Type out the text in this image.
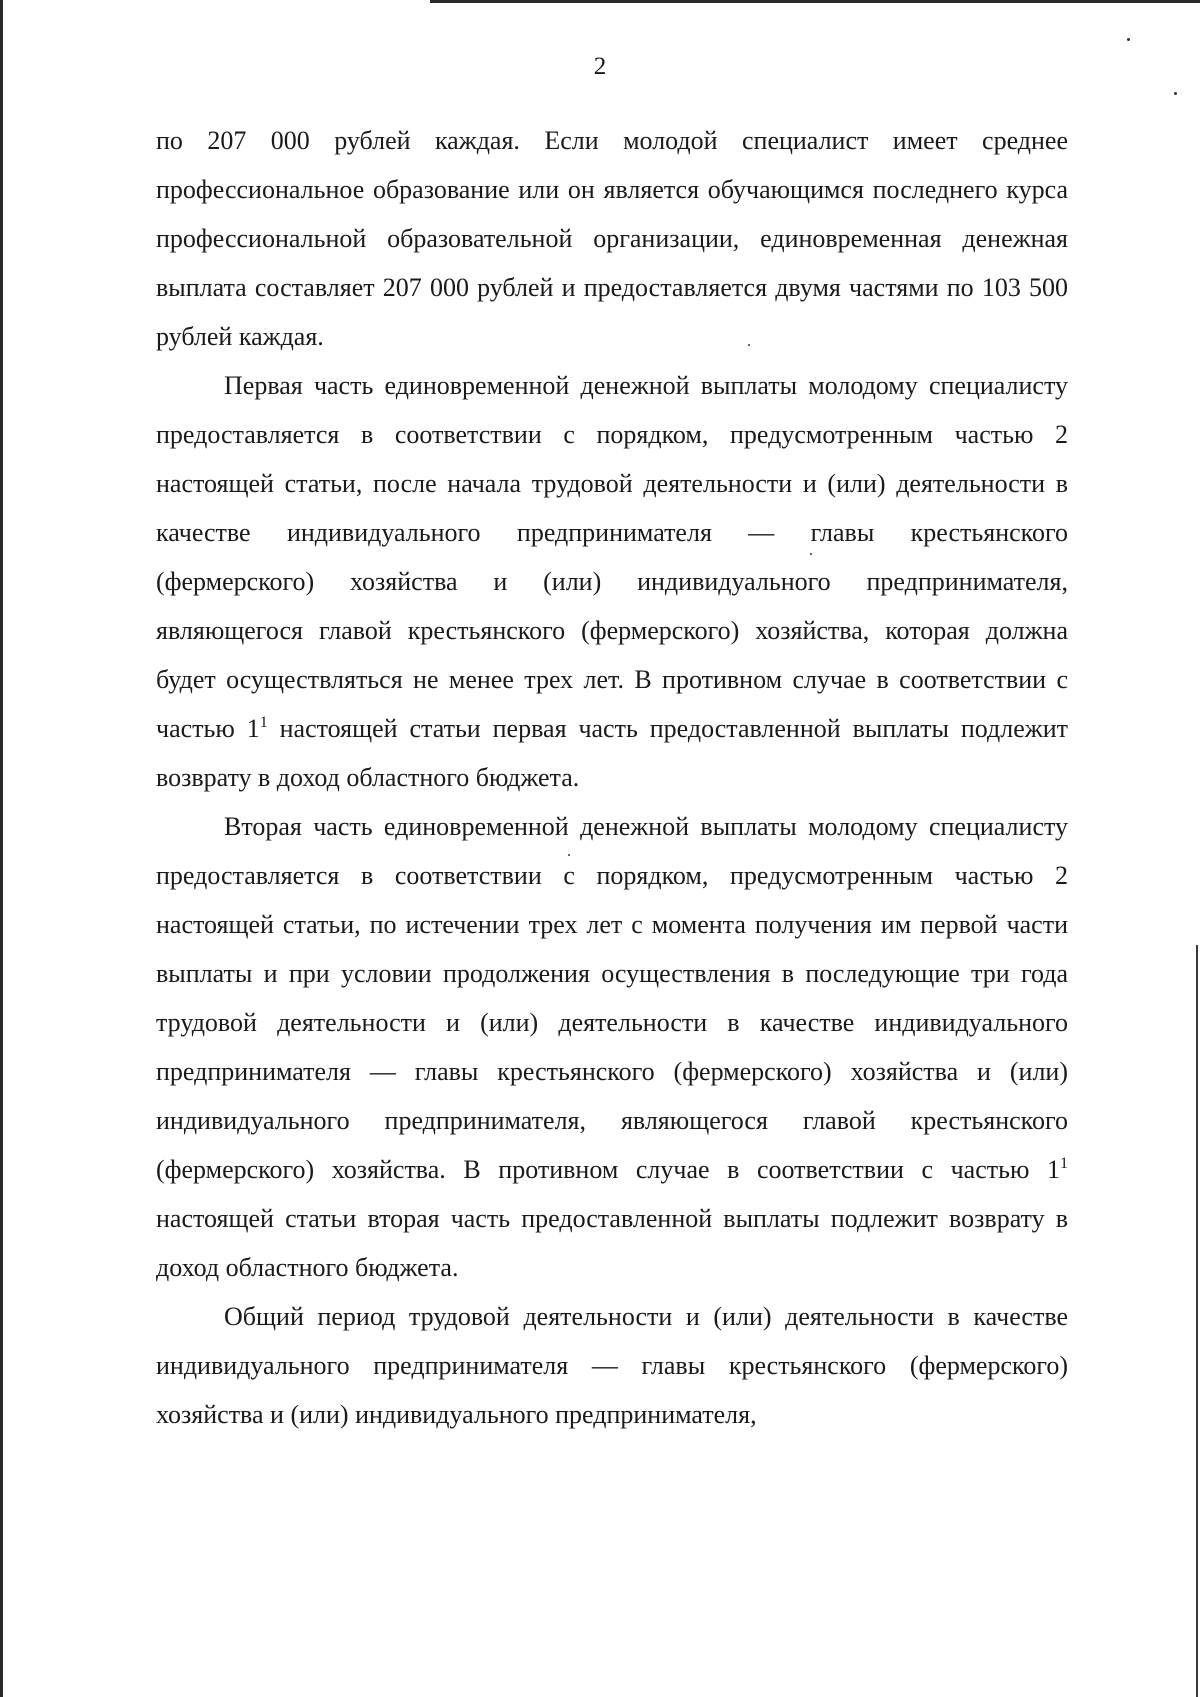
2

по 207 000 рублей каждая. Если молодой специалист имеет среднее профессиональное образование или он является обучающимся последнего курса профессиональной образовательной организации, единовременная денежная выплата составляет 207 000 рублей и предоставляется двумя частями по 103 500 рублей каждая.

Первая часть единовременной денежной выплаты молодому специалисту предоставляется в соответствии с порядком, предусмотренным частью 2 настоящей статьи, после начала трудовой деятельности и (или) деятельности в качестве индивидуального предпринимателя — главы крестьянского (фермерского) хозяйства и (или) индивидуального предпринимателя, являющегося главой крестьянского (фермерского) хозяйства, которая должна будет осуществляться не менее трех лет. В противном случае в соответствии с частью $1^1$ настоящей статьи первая часть предоставленной выплаты подлежит возврату в доход областного бюджета.

Вторая часть единовременной денежной выплаты молодому специалисту предоставляется в соответствии с порядком, предусмотренным частью 2 настоящей статьи, по истечении трех лет с момента получения им первой части выплаты и при условии продолжения осуществления в последующие три года трудовой деятельности и (или) деятельности в качестве индивидуального предпринимателя — главы крестьянского (фермерского) хозяйства и (или) индивидуального предпринимателя, являющегося главой крестьянского (фермерского) хозяйства. В противном случае в соответствии с частью $1^1$ настоящей статьи вторая часть предоставленной выплаты подлежит возврату в доход областного бюджета.

Общий период трудовой деятельности и (или) деятельности в качестве индивидуального предпринимателя — главы крестьянского (фермерского) хозяйства и (или) индивидуального предпринимателя,
